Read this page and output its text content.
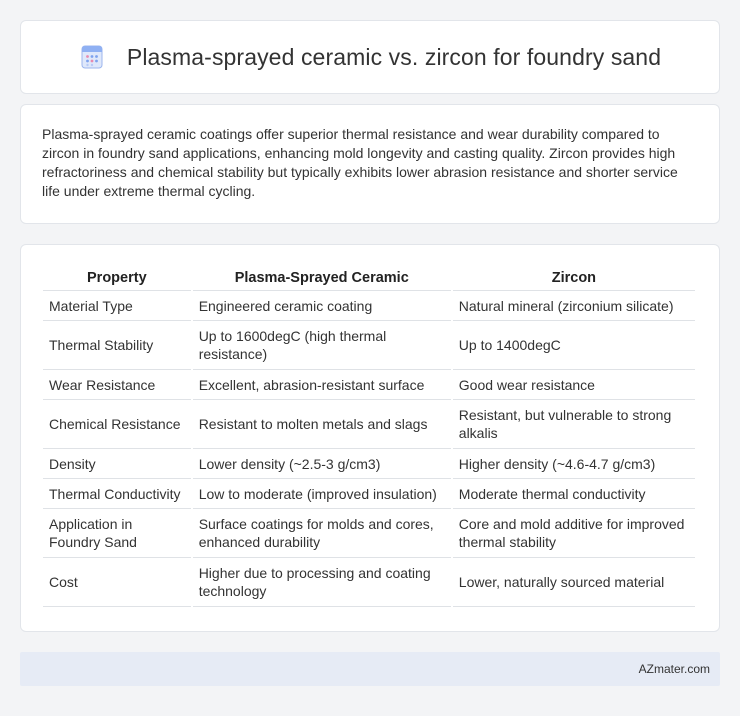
Plasma-sprayed ceramic vs. zircon for foundry sand

Plasma-sprayed ceramic coatings offer superior thermal resistance and wear durability compared to zircon in foundry sand applications, enhancing mold longevity and casting quality. Zircon provides high refractoriness and chemical stability but typically exhibits lower abrasion resistance and shorter service life under extreme thermal cycling.

Property	Plasma-Sprayed Ceramic	Zircon
Material Type	Engineered ceramic coating	Natural mineral (zirconium silicate)
Thermal Stability	Up to 1600degC (high thermal resistance)	Up to 1400degC
Wear Resistance	Excellent, abrasion-resistant surface	Good wear resistance
Chemical Resistance	Resistant to molten metals and slags	Resistant, but vulnerable to strong alkalis
Density	Lower density (~2.5-3 g/cm3)	Higher density (~4.6-4.7 g/cm3)
Thermal Conductivity	Low to moderate (improved insulation)	Moderate thermal conductivity
Application in Foundry Sand	Surface coatings for molds and cores, enhanced durability	Core and mold additive for improved thermal stability
Cost	Higher due to processing and coating technology	Lower, naturally sourced material
AZmater.com
